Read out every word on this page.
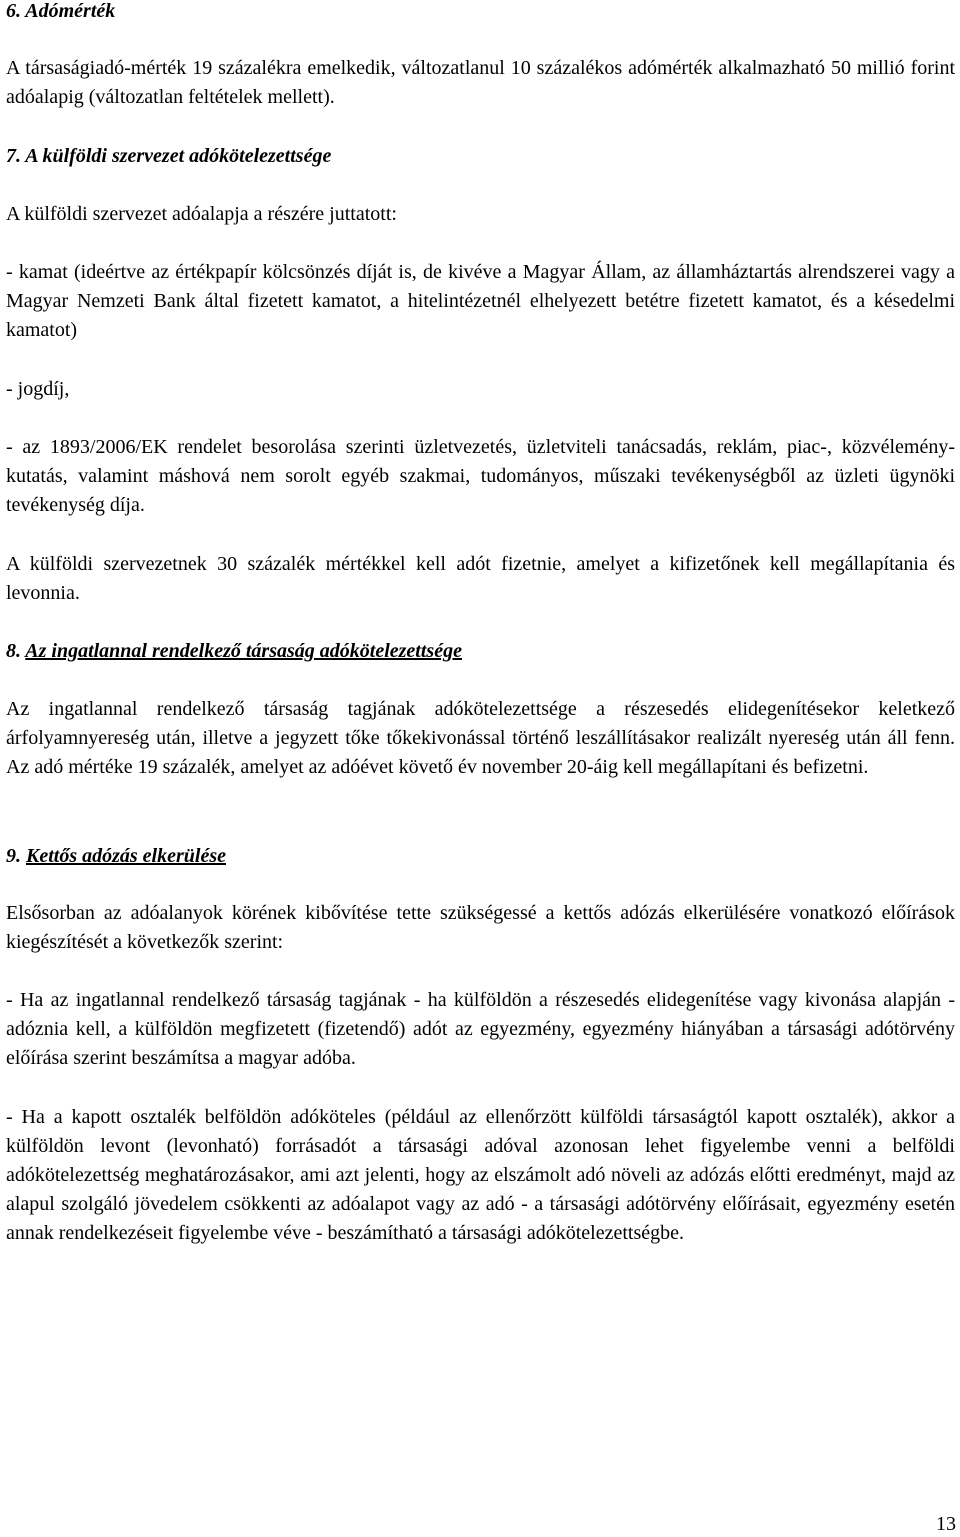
6. Adómérték

A társaságiadó-mérték 19 százalékra emelkedik, változatlanul 10 százalékos adómérték alkalmazható 50 millió forint adóalapig (változatlan feltételek mellett).

7. A külföldi szervezet adókötelezettsége

A külföldi szervezet adóalapja a részére juttatott:

- kamat (ideértve az értékpapír kölcsönzés díját is, de kivéve a Magyar Állam, az államháztartás alrendszerei vagy a Magyar Nemzeti Bank által fizetett kamatot, a hitelintézetnél elhelyezett betétre fizetett kamatot, és a késedelmi kamatot)

- jogdíj,

- az 1893/2006/EK rendelet besorolása szerinti üzletvezetés, üzletviteli tanácsadás, reklám, piac-, közvélemény-kutatás, valamint máshová nem sorolt egyéb szakmai, tudományos, műszaki tevékenységből az üzleti ügynöki tevékenység díja.

A külföldi szervezetnek 30 százalék mértékkel kell adót fizetnie, amelyet a kifizetőnek kell megállapítania és levonnia.

8. Az ingatlannal rendelkező társaság adókötelezettsége

Az ingatlannal rendelkező társaság tagjának adókötelezettsége a részesedés elidegenítésekor keletkező árfolyamnyereség után, illetve a jegyzett tőke tőkekivonással történő leszállításakor realizált nyereség után áll fenn. Az adó mértéke 19 százalék, amelyet az adóévet követő év november 20-áig kell megállapítani és befizetni.

9. Kettős adózás elkerülése

Elsősorban az adóalanyok körének kibővítése tette szükségessé a kettős adózás elkerülésére vonatkozó előírások kiegészítését a következők szerint:

- Ha az ingatlannal rendelkező társaság tagjának - ha külföldön a részesedés elidegenítése vagy kivonása alapján - adóznia kell, a külföldön megfizetett (fizetendő) adót az egyezmény, egyezmény hiányában a társasági adótörvény előírása szerint beszámítsa a magyar adóba.

- Ha a kapott osztalék belföldön adóköteles (például az ellenőrzött külföldi társaságtól kapott osztalék), akkor a külföldön levont (levonható) forrásadót a társasági adóval azonosan lehet figyelembe venni a belföldi adókötelezettség meghatározásakor, ami azt jelenti, hogy az elszámolt adó növeli az adózás előtti eredményt, majd az alapul szolgáló jövedelem csökkenti az adóalapot vagy az adó - a társasági adótörvény előírásait, egyezmény esetén annak rendelkezéseit figyelembe véve - beszámítható a társasági adókötelezettségbe.

13
